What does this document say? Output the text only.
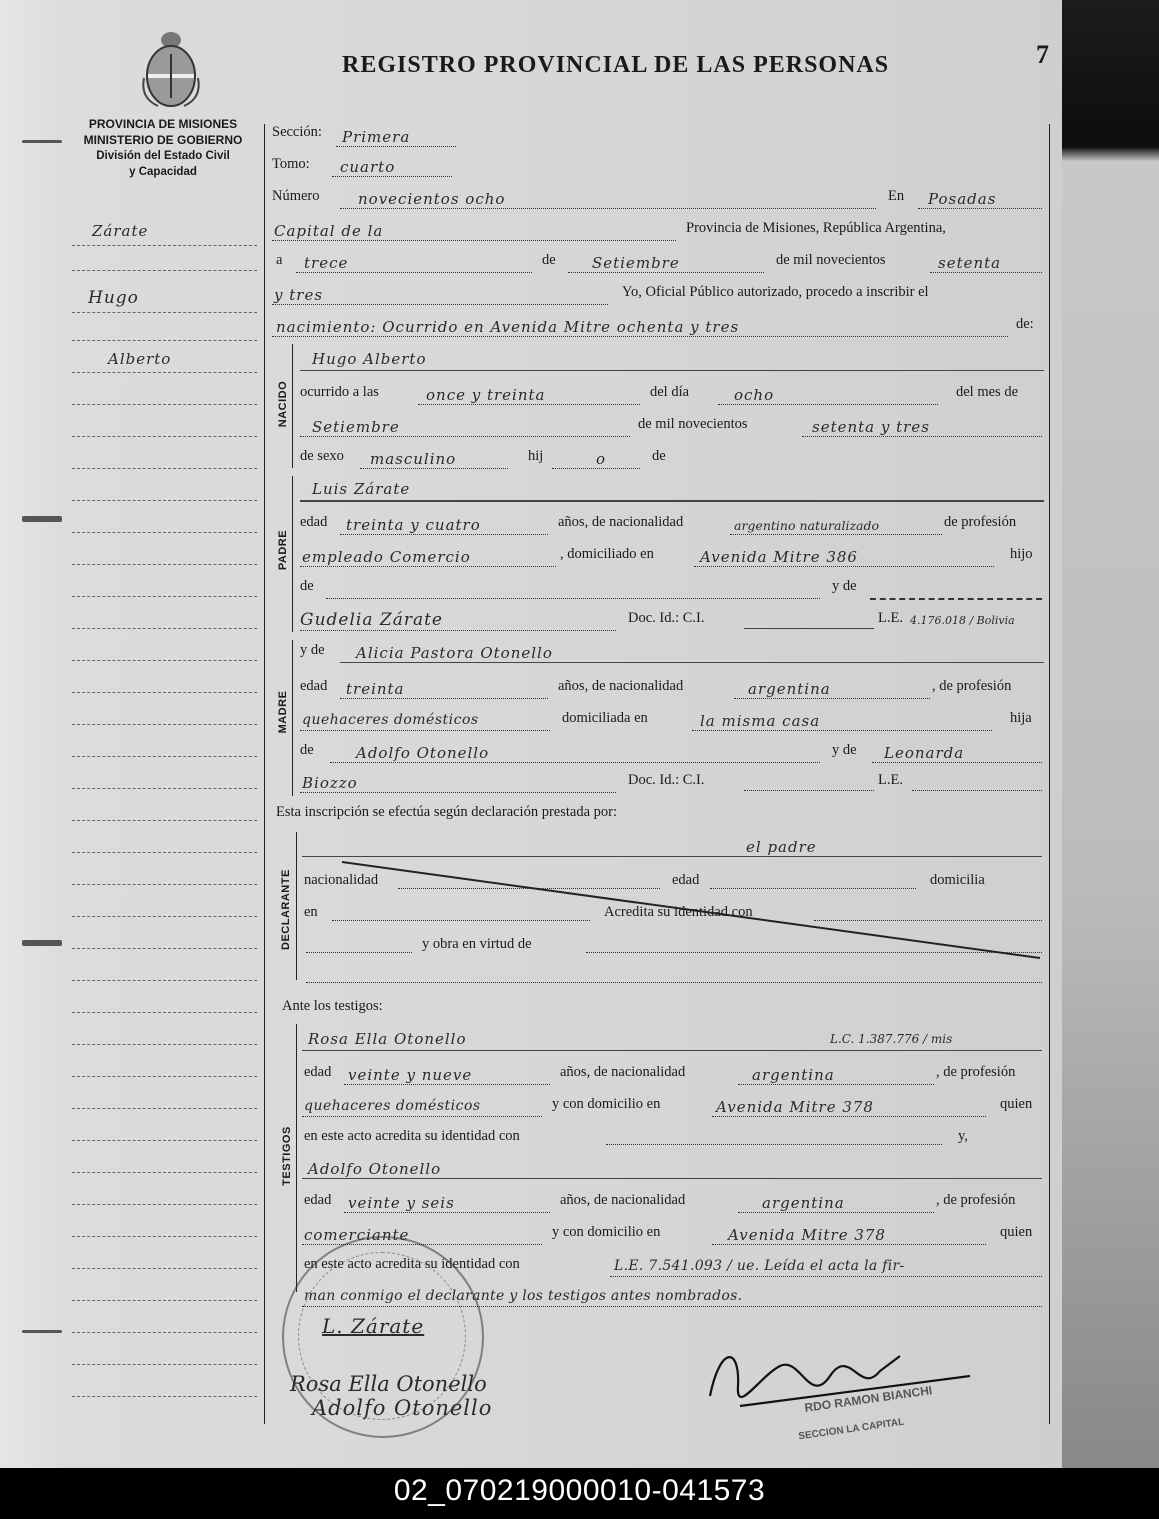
REGISTRO PROVINCIAL DE LAS PERSONAS	7
PROVINCIA DE MISIONES
MINISTERIO DE GOBIERNO
División del Estado Civil
y Capacidad
Zárate
Hugo
Alberto
Sección: Primera
Tomo: cuarto
Número	novecientos ocho	En Posadas
Capital de la	Provincia de Misiones, República Argentina,
a trece	de Setiembre	de mil novecientos	setenta
y tres	Yo, Oficial Público autorizado, procedo a inscribir el
nacimiento: Ocurrido en Avenida Mitre ochenta y tres	de:
NACIDO
Hugo Alberto
ocurrido a las	once y treinta	del día	ocho	del mes de
Setiembre	de mil novecientos	setenta y tres
de sexo masculino	hij	o	de
PADRE
Luis Zárate
edad treinta y cuatro	años, de nacionalidad	argentino naturalizado	de profesión
empleado Comercio	, domiciliado en	Avenida Mitre 386	hijo
de	y de
Gudelia Zárate	Doc. Id.: C.I.	L.E. 4.176.018 / Bolivia
MADRE
y de Alicia Pastora Otonello
edad treinta	años, de nacionalidad	argentina	, de profesión
quehaceres domésticos	domiciliada en	la misma casa	hija
de	Adolfo Otonello	y de Leonarda
Biozzo	Doc. Id.: C.I.	L.E.
Esta inscripción se efectúa según declaración prestada por:
DECLARANTE
el padre
nacionalidad	edad	domicilia
en	Acredita su identidad con
y obra en virtud de
Ante los testigos:
TESTIGOS
Rosa Ella Otonello	L.C. 1.387.776 / mis
edad veinte y nueve	años, de nacionalidad	argentina	, de profesión
quehaceres domésticos	y con domicilio en	Avenida Mitre 378	quien
en este acto acredita su identidad con	y,
Adolfo Otonello
edad veinte y seis	años, de nacionalidad	argentina	, de profesión
comerciante	y con domicilio en	Avenida Mitre 378	quien
en este acto acredita su identidad con	L.E. 7.541.093 / ue. Leída el acta la fir-
man conmigo el declarante y los testigos antes nombrados.
L. Zárate
Rosa Ella Otonello
Adolfo Otonello	RDO RAMON BIANCHI
SECCION LA CAPITAL
02_070219000010-041573
